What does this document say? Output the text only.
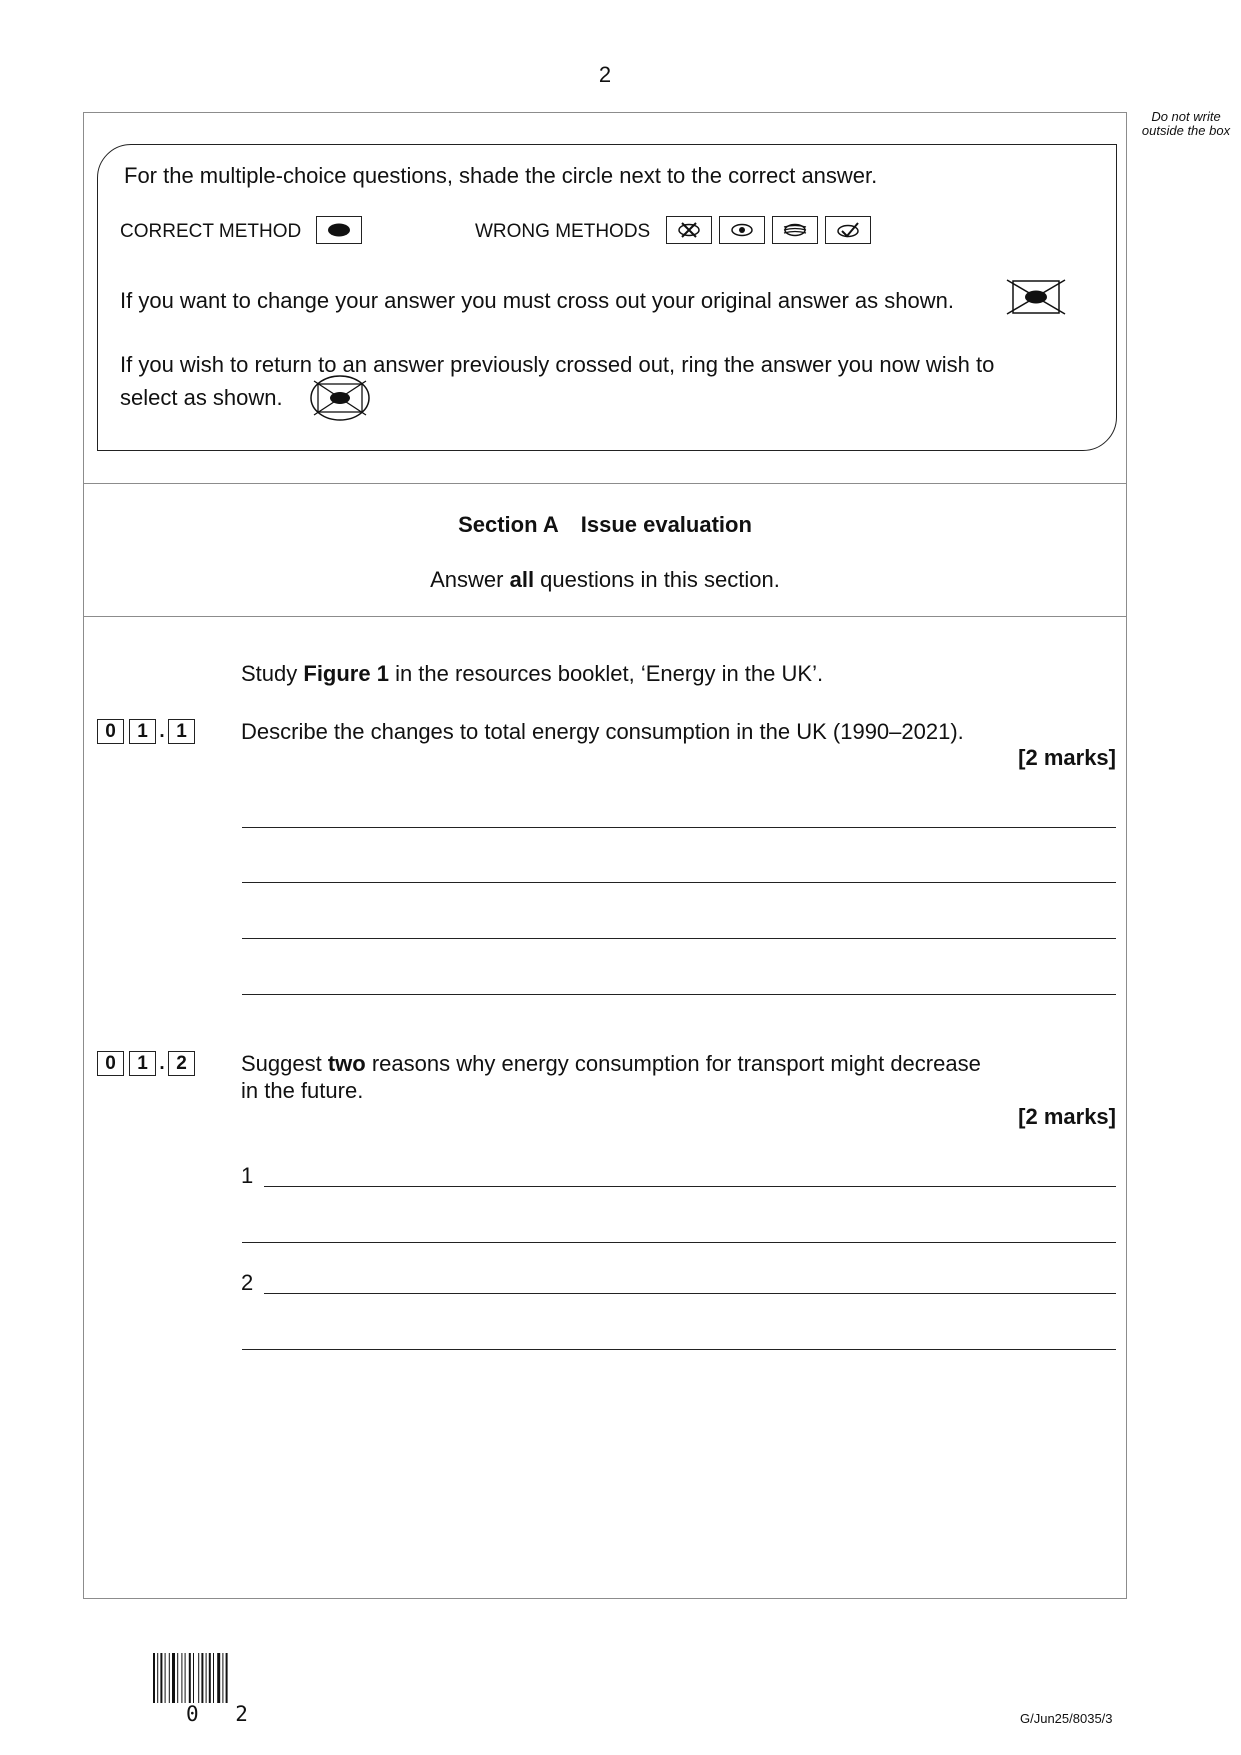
2
Do not write outside the box
For the multiple-choice questions, shade the circle next to the correct answer.
CORRECT METHOD	WRONG METHODS
If you want to change your answer you must cross out your original answer as shown.
If you wish to return to an answer previously crossed out, ring the answer you now wish to
select as shown.
Section A Issue evaluation
Answer all questions in this section.
Study Figure 1 in the resources booklet, ‘Energy in the UK’.
0	1 . 1	Describe the changes to total energy consumption in the UK (1990–2021).
[2 marks]
0	1 . 2	Suggest two reasons why energy consumption for transport might decrease
in the future.
[2 marks]
1
2
0 2	G/Jun25/8035/3
